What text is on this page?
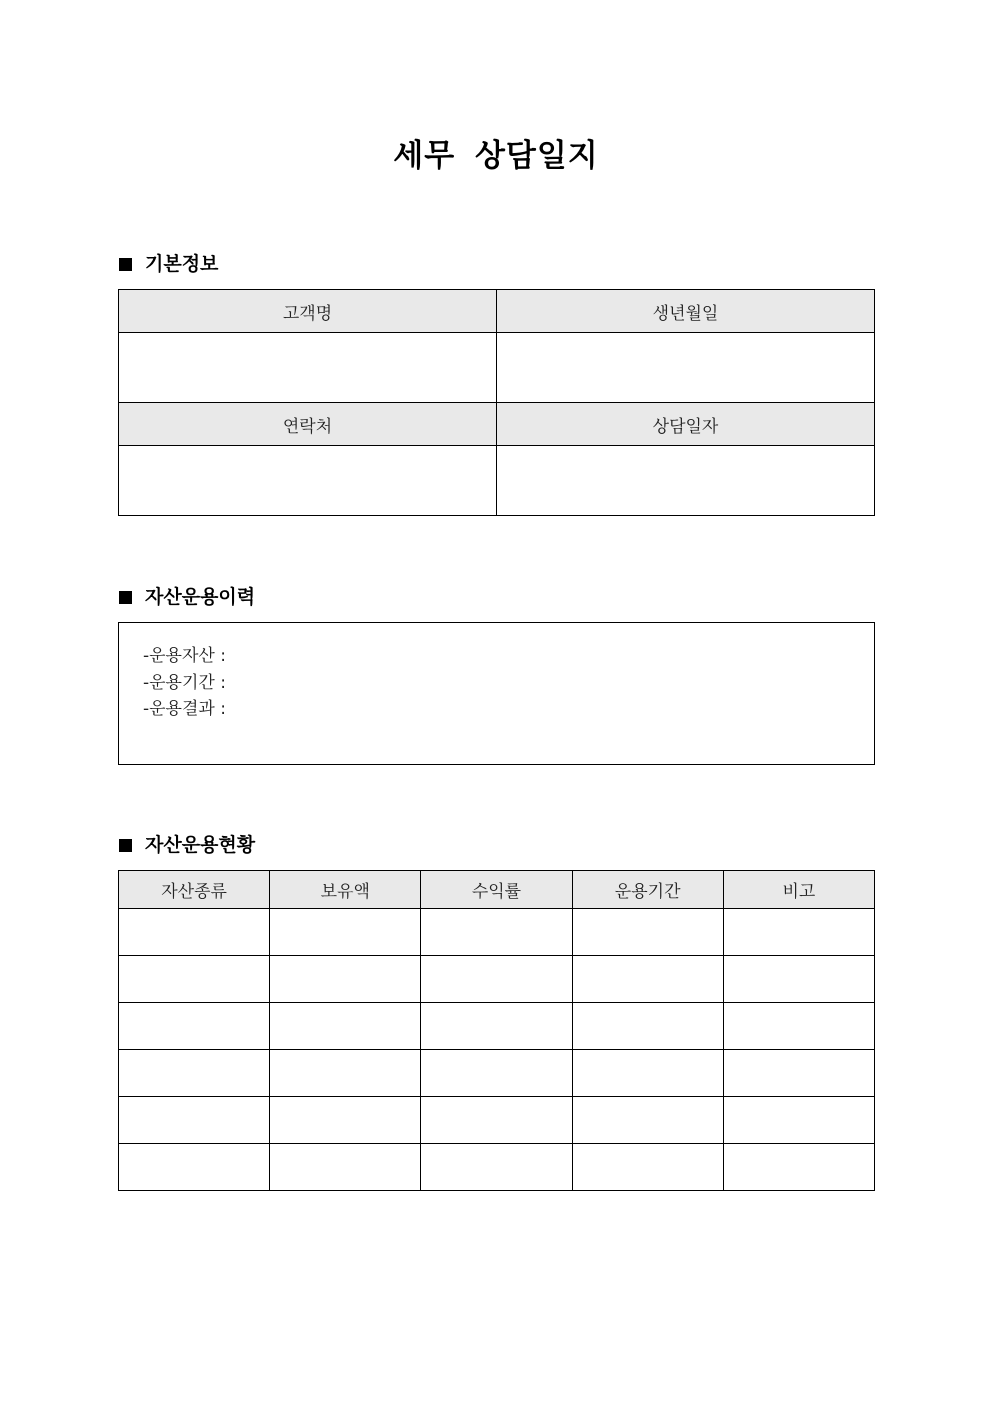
세무 상담일지
기본정보
고객명	생년월일

연락처	상담일자

자산운용이력
-운용자산 :
-운용기간 :
-운용결과 :
자산운용현황
자산종류	보유액	수익률	운용기간	비고
